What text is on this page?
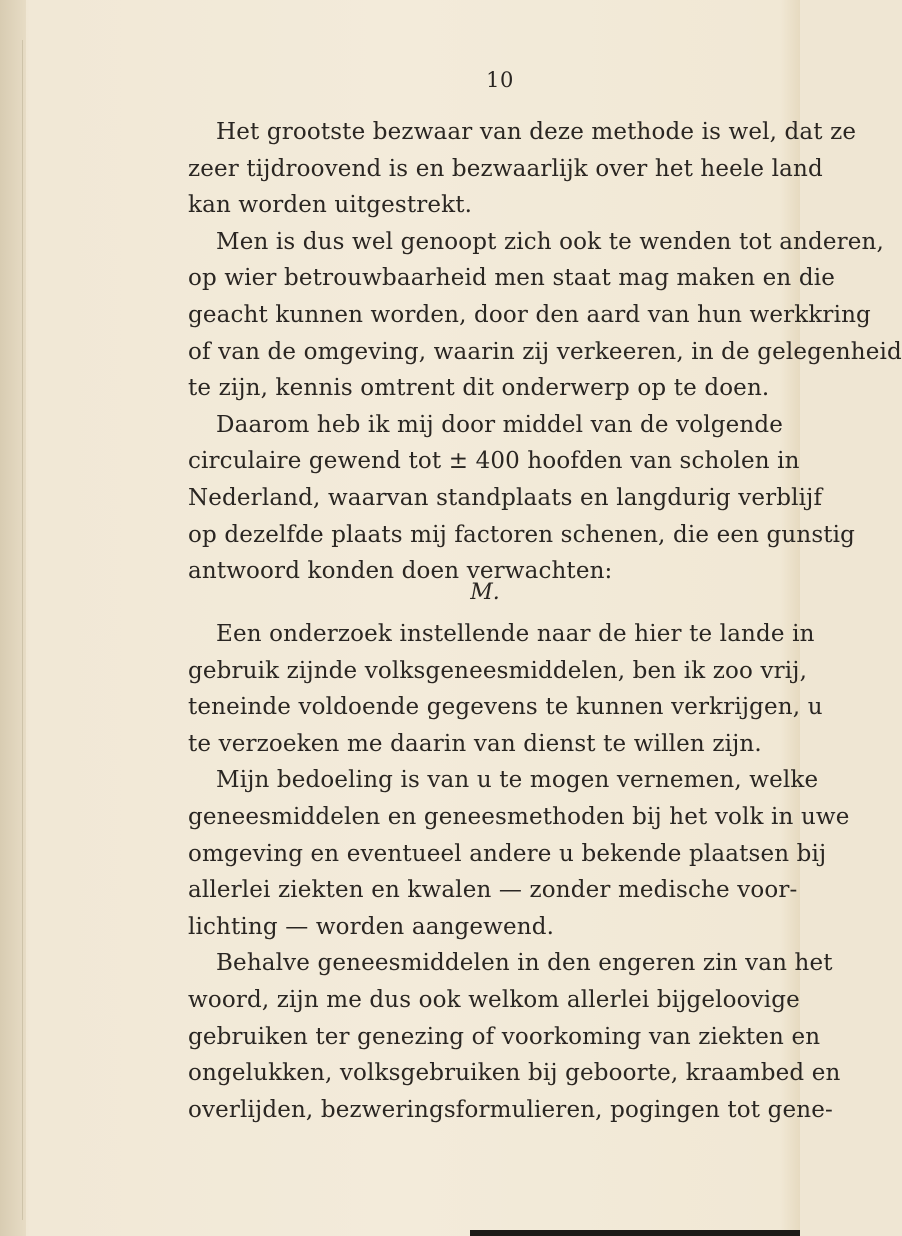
10
Het grootste bezwaar van deze methode is wel, dat ze
zeer tijdroovend is en bezwaarlijk over het heele land
kan worden uitgestrekt.
Men is dus wel genoopt zich ook te wenden tot anderen,
op wier betrouwbaarheid men staat mag maken en die
geacht kunnen worden, door den aard van hun werkkring
of van de omgeving, waarin zij verkeeren, in de gelegenheid
te zijn, kennis omtrent dit onderwerp op te doen.
Daarom heb ik mij door middel van de volgende
circulaire gewend tot ± 400 hoofden van scholen in
Nederland, waarvan standplaats en langdurig verblijf
op dezelfde plaats mij factoren schenen, die een gunstig
antwoord konden doen verwachten:
M.
Een onderzoek instellende naar de hier te lande in
gebruik zijnde volksgeneesmiddelen, ben ik zoo vrij,
teneinde voldoende gegevens te kunnen verkrijgen, u
te verzoeken me daarin van dienst te willen zijn.
Mijn bedoeling is van u te mogen vernemen, welke
geneesmiddelen en geneesmethoden bij het volk in uwe
omgeving en eventueel andere u bekende plaatsen bij
allerlei ziekten en kwalen — zonder medische voor-
lichting — worden aangewend.
Behalve geneesmiddelen in den engeren zin van het
woord, zijn me dus ook welkom allerlei bijgeloovige
gebruiken ter genezing of voorkoming van ziekten en
ongelukken, volksgebruiken bij geboorte, kraambed en
overlijden, bezweringsformulieren, pogingen tot gene-
